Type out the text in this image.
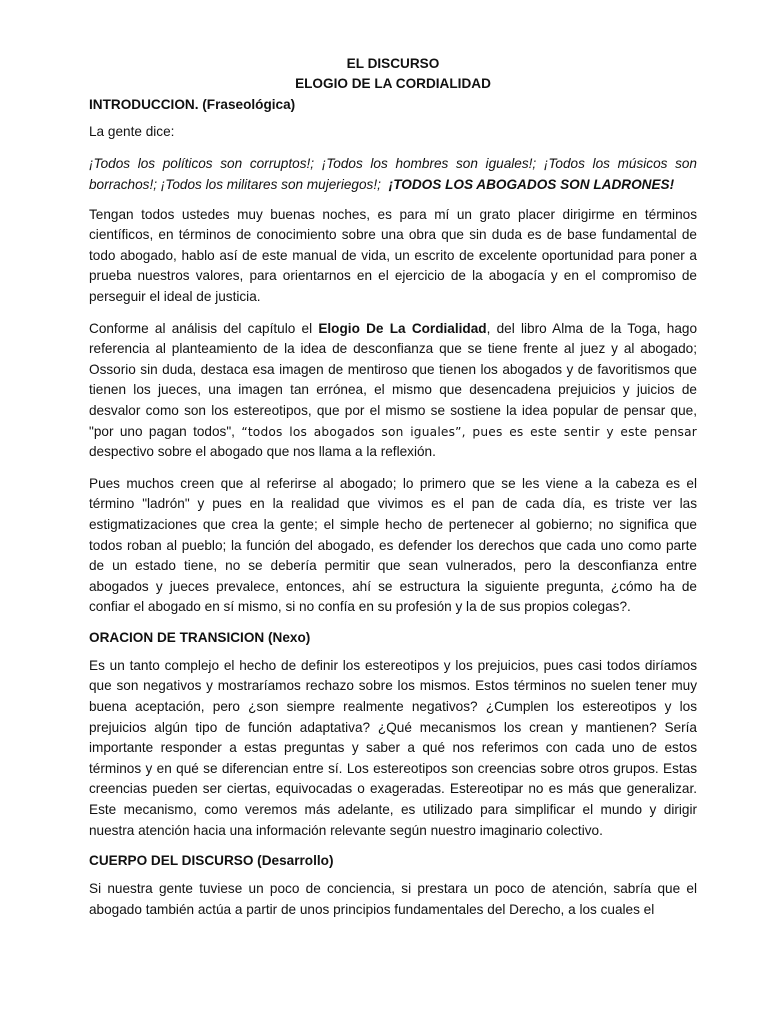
EL DISCURSO
ELOGIO DE LA CORDIALIDAD
INTRODUCCION. (Fraseológica)

La gente dice:

¡Todos los políticos son corruptos!; ¡Todos los hombres son iguales!; ¡Todos los músicos son borrachos!; ¡Todos los militares son mujeriegos!; ¡TODOS LOS ABOGADOS SON LADRONES!

Tengan todos ustedes muy buenas noches, es para mí un grato placer dirigirme en términos científicos, en términos de conocimiento sobre una obra que sin duda es de base fundamental de todo abogado, hablo así de este manual de vida, un escrito de excelente oportunidad para poner a prueba nuestros valores, para orientarnos en el ejercicio de la abogacía y en el compromiso de perseguir el ideal de justicia.

Conforme al análisis del capítulo el Elogio De La Cordialidad, del libro Alma de la Toga, hago referencia al planteamiento de la idea de desconfianza que se tiene frente al juez y al abogado; Ossorio sin duda, destaca esa imagen de mentiroso que tienen los abogados y de favoritismos que tienen los jueces, una imagen tan errónea, el mismo que desencadena prejuicios y juicios de desvalor como son los estereotipos, que por el mismo se sostiene la idea popular de pensar que, "por uno pagan todos", “todos los abogados son iguales”, pues es este sentir y este pensar despectivo sobre el abogado que nos llama a la reflexión.

Pues muchos creen que al referirse al abogado; lo primero que se les viene a la cabeza es el término "ladrón" y pues en la realidad que vivimos es el pan de cada día, es triste ver las estigmatizaciones que crea la gente; el simple hecho de pertenecer al gobierno; no significa que todos roban al pueblo; la función del abogado, es defender los derechos que cada uno como parte de un estado tiene, no se debería permitir que sean vulnerados, pero la desconfianza entre abogados y jueces prevalece, entonces, ahí se estructura la siguiente pregunta, ¿cómo ha de confiar el abogado en sí mismo, si no confía en su profesión y la de sus propios colegas?.

ORACION DE TRANSICION (Nexo)

Es un tanto complejo el hecho de definir los estereotipos y los prejuicios, pues casi todos diríamos que son negativos y mostraríamos rechazo sobre los mismos. Estos términos no suelen tener muy buena aceptación, pero ¿son siempre realmente negativos? ¿Cumplen los estereotipos y los prejuicios algún tipo de función adaptativa? ¿Qué mecanismos los crean y mantienen? Sería importante responder a estas preguntas y saber a qué nos referimos con cada uno de estos términos y en qué se diferencian entre sí. Los estereotipos son creencias sobre otros grupos. Estas creencias pueden ser ciertas, equivocadas o exageradas. Estereotipar no es más que generalizar. Este mecanismo, como veremos más adelante, es utilizado para simplificar el mundo y dirigir nuestra atención hacia una información relevante según nuestro imaginario colectivo.

CUERPO DEL DISCURSO (Desarrollo)

Si nuestra gente tuviese un poco de conciencia, si prestara un poco de atención, sabría que el abogado también actúa a partir de unos principios fundamentales del Derecho, a los cuales el
